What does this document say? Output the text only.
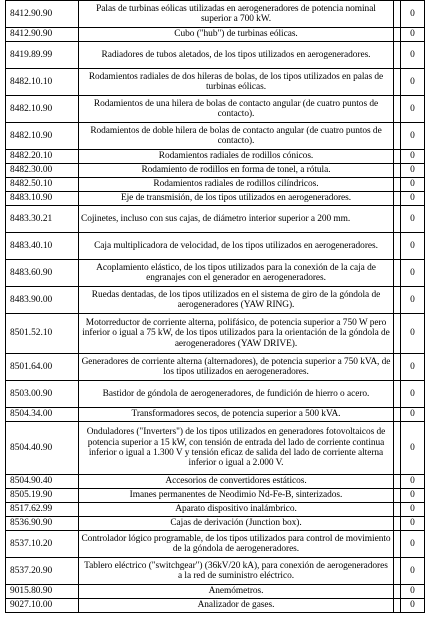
8412.90.90	Palas de turbinas eólicas utilizadas en aerogeneradores de potencia nominal superior a 700 kW.		0
8412.90.90	Cubo ("hub") de turbinas eólicas.		0
8419.89.99	Radiadores de tubos aletados, de los tipos utilizados en aerogeneradores.		0
8482.10.10	Rodamientos radiales de dos hileras de bolas, de los tipos utilizados en palas de turbinas eólicas.		0
8482.10.90	Rodamientos de una hilera de bolas de contacto angular (de cuatro puntos de contacto).		0
8482.10.90	Rodamientos de doble hilera de bolas de contacto angular (de cuatro puntos de contacto).		0
8482.20.10	Rodamientos radiales de rodillos cónicos.		0
8482.30.00	Rodamiento de rodillos en forma de tonel, a rótula.		0
8482.50.10	Rodamientos radiales de rodillos cilíndricos.		0
8483.10.90	Eje de transmisión, de los tipos utilizados en aerogeneradores.		0
8483.30.21	Cojinetes, incluso con sus cajas, de diámetro interior superior a 200 mm.		0
8483.40.10	Caja multiplicadora de velocidad, de los tipos utilizados en aerogeneradores.		0
8483.60.90	Acoplamiento elástico, de los tipos utilizados para la conexión de la caja de engranajes con el generador en aerogeneradores.		0
8483.90.00	Ruedas dentadas, de los tipos utilizados en el sistema de giro de la góndola de aerogeneradores (YAW RING).		0
8501.52.10	Motorreductor de corriente alterna, polifásico, de potencia superior a 750 W pero inferior o igual a 75 kW, de los tipos utilizados para la orientación de la góndola de aerogeneradores (YAW DRIVE).		0
8501.64.00	Generadores de corriente alterna (alternadores), de potencia superior a 750 kVA, de los tipos utilizados en aerogeneradores.		0
8503.00.90	Bastidor de góndola de aerogeneradores, de fundición de hierro o acero.		0
8504.34.00	Transformadores secos, de potencia superior a 500 kVA.		0
8504.40.90	Onduladores ("Inverters") de los tipos utilizados en generadores fotovoltaicos de potencia superior a 15 kW, con tensión de entrada del lado de corriente continua inferior o igual a 1.300 V y tensión eficaz de salida del lado de corriente alterna inferior o igual a 2.000 V.		0
8504.90.40	Accesorios de convertidores estáticos.		0
8505.19.90	Imanes permanentes de Neodimio Nd-Fe-B, sinterizados.		0
8517.62.99	Aparato dispositivo inalámbrico.		0
8536.90.90	Cajas de derivación (Junction box).		0
8537.10.20	Controlador lógico programable, de los tipos utilizados para control de movimiento de la góndola de aerogeneradores.		0
8537.20.90	Tablero eléctrico ("switchgear") (36kV/20 kA), para conexión de aerogeneradores a la red de suministro eléctrico.		0
9015.80.90	Anemómetros.		0
9027.10.00	Analizador de gases.		0
